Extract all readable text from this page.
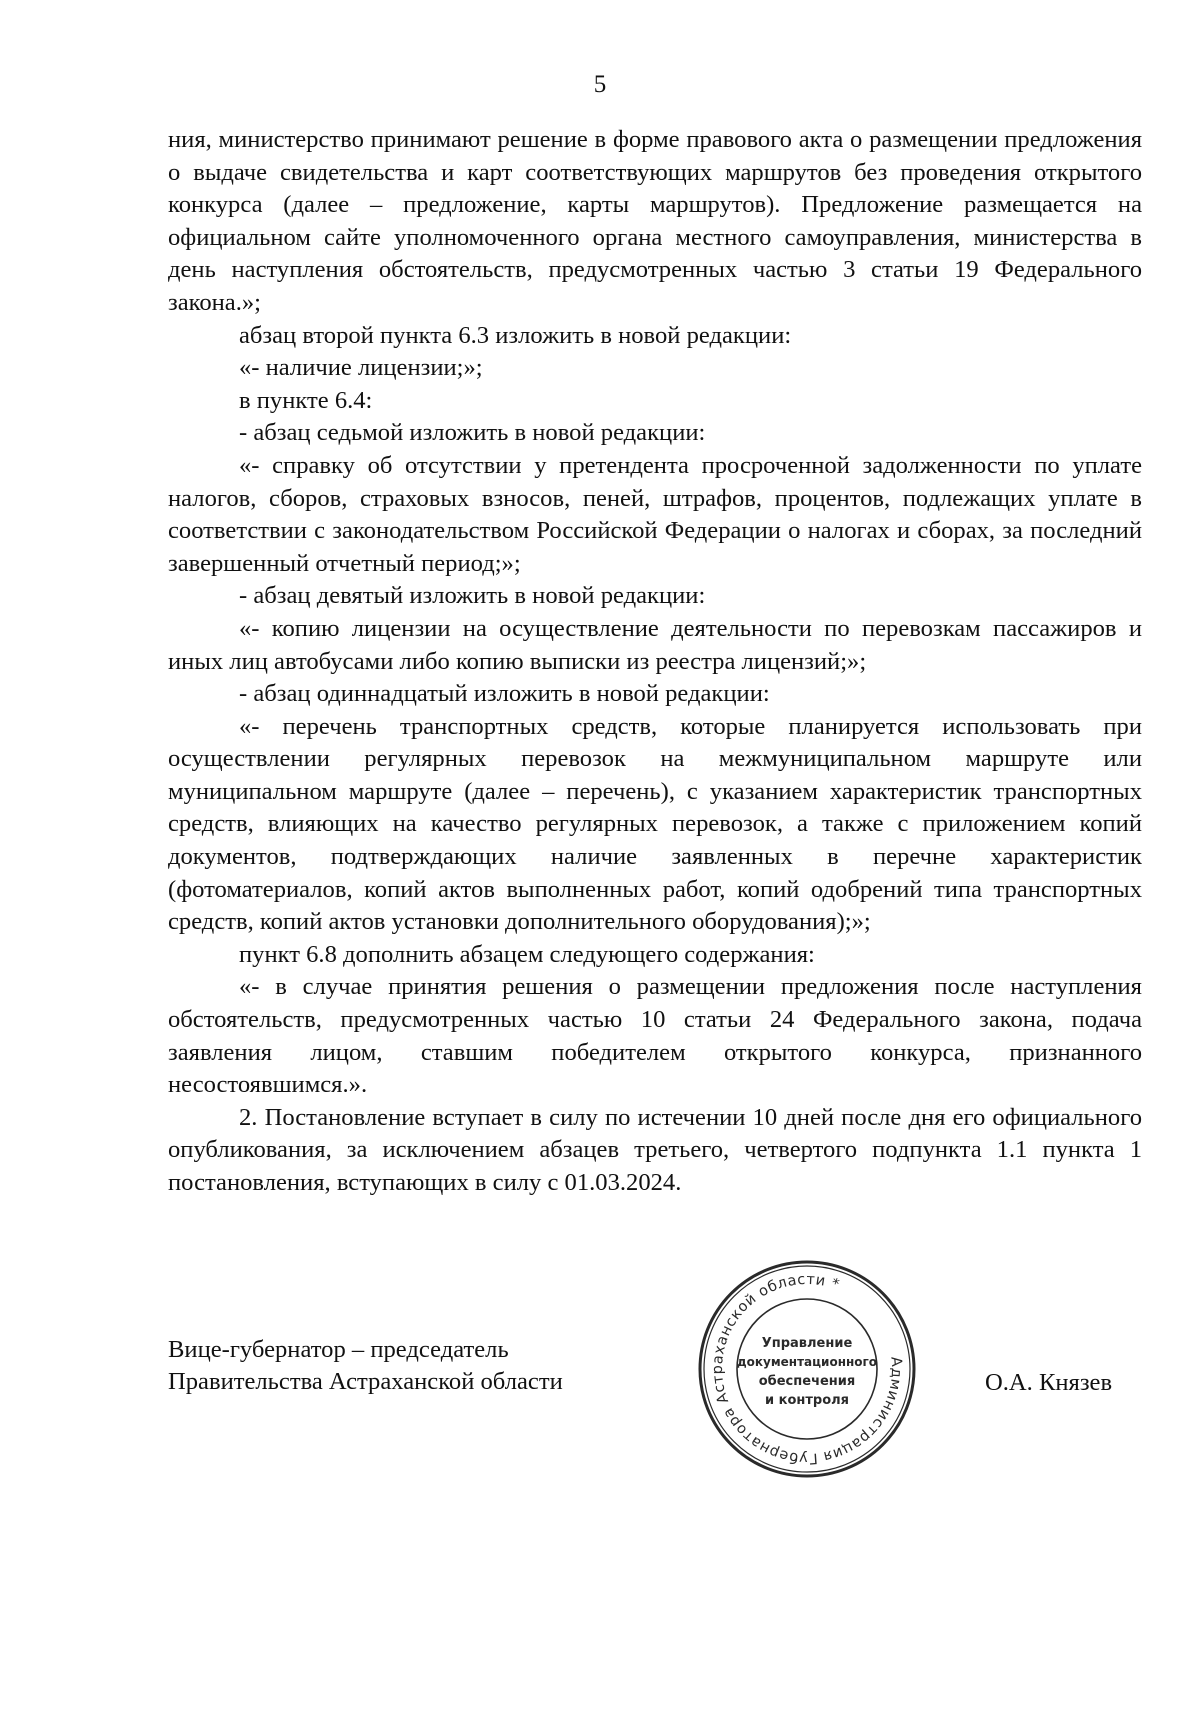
5

ния, министерство принимают решение в форме правового акта о размещении предложения о выдаче свидетельства и карт соответствующих маршрутов без проведения открытого конкурса (далее – предложение, карты маршрутов). Предложение размещается на официальном сайте уполномоченного органа местного самоуправления, министерства в день наступления обстоятельств, предусмотренных частью 3 статьи 19 Федерального закона.»;

абзац второй пункта 6.3 изложить в новой редакции:

«- наличие лицензии;»;

в пункте 6.4:

- абзац седьмой изложить в новой редакции:

«- справку об отсутствии у претендента просроченной задолженности по уплате налогов, сборов, страховых взносов, пеней, штрафов, процентов, подлежащих уплате в соответствии с законодательством Российской Федерации о налогах и сборах, за последний завершенный отчетный период;»;

- абзац девятый изложить в новой редакции:

«- копию лицензии на осуществление деятельности по перевозкам пассажиров и иных лиц автобусами либо копию выписки из реестра лицензий;»;

- абзац одиннадцатый изложить в новой редакции:

«- перечень транспортных средств, которые планируется использовать при осуществлении регулярных перевозок на межмуниципальном маршруте или муниципальном маршруте (далее – перечень), с указанием характеристик транспортных средств, влияющих на качество регулярных перевозок, а также с приложением копий документов, подтверждающих наличие заявленных в перечне характеристик (фотоматериалов, копий актов выполненных работ, копий одобрений типа транспортных средств, копий актов установки дополнительного оборудования);»;

пункт 6.8 дополнить абзацем следующего содержания:

«- в случае принятия решения о размещении предложения после наступления обстоятельств, предусмотренных частью 10 статьи 24 Федерального закона, подача заявления лицом, ставшим победителем открытого конкурса, признанного несостоявшимся.».

2. Постановление вступает в силу по истечении 10 дней после дня его официального опубликования, за исключением абзацев третьего, четвертого подпункта 1.1 пункта 1 постановления, вступающих в силу с 01.03.2024.

Вице-губернатор – председатель
Правительства Астраханской области
Администрация Губернатора Астраханской области *
Управление
документационного
обеспечения
и контроля
О.А. Князев
